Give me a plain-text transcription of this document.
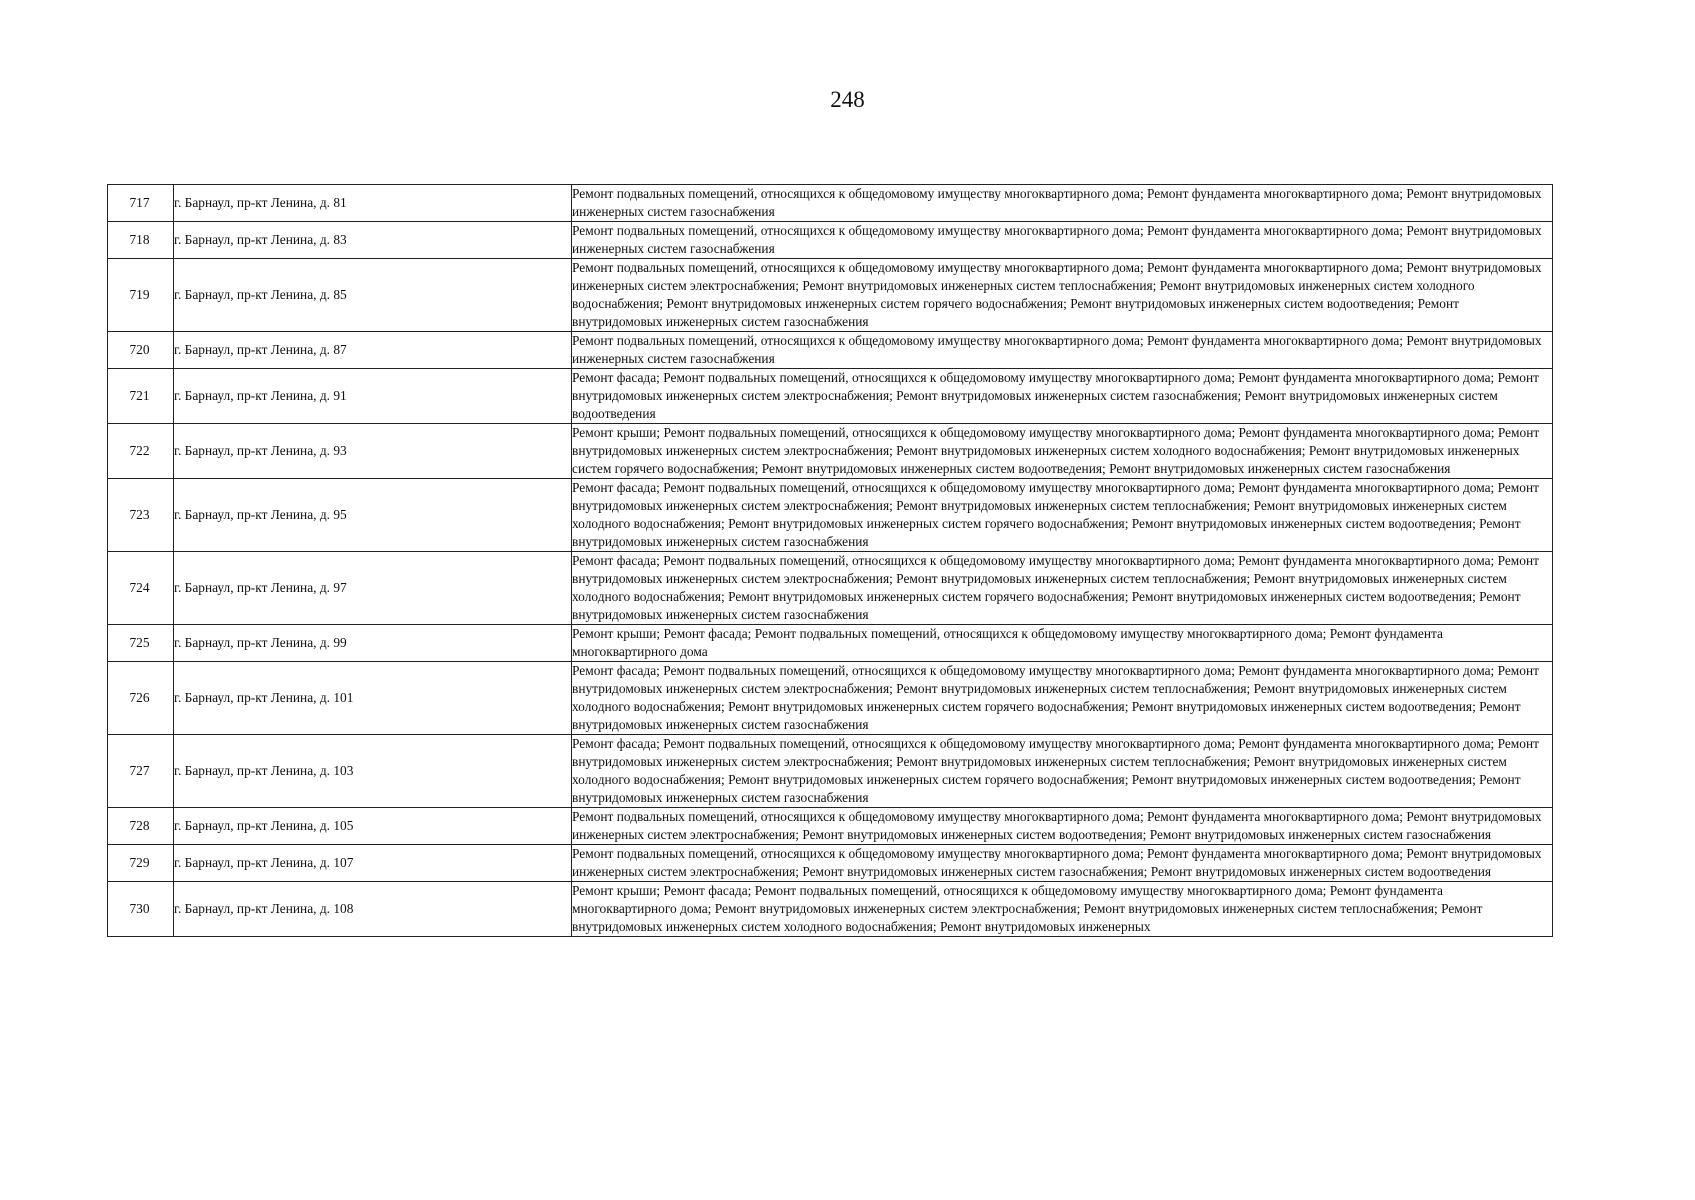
248
717	г. Барнаул, пр-кт Ленина, д. 81	Ремонт подвальных помещений, относящихся к общедомовому имуществу многоквартирного дома; Ремонт фундамента многоквартирного дома; Ремонт внутридомовых инженерных систем газоснабжения
718	г. Барнаул, пр-кт Ленина, д. 83	Ремонт подвальных помещений, относящихся к общедомовому имуществу многоквартирного дома; Ремонт фундамента многоквартирного дома; Ремонт внутридомовых инженерных систем газоснабжения
719	г. Барнаул, пр-кт Ленина, д. 85	Ремонт подвальных помещений, относящихся к общедомовому имуществу многоквартирного дома; Ремонт фундамента многоквартирного дома; Ремонт внутридомовых инженерных систем электроснабжения; Ремонт внутридомовых инженерных систем теплоснабжения; Ремонт внутридомовых инженерных систем холодного водоснабжения; Ремонт внутридомовых инженерных систем горячего водоснабжения; Ремонт внутридомовых инженерных систем водоотведения; Ремонт внутридомовых инженерных систем газоснабжения
720	г. Барнаул, пр-кт Ленина, д. 87	Ремонт подвальных помещений, относящихся к общедомовому имуществу многоквартирного дома; Ремонт фундамента многоквартирного дома; Ремонт внутридомовых инженерных систем газоснабжения
721	г. Барнаул, пр-кт Ленина, д. 91	Ремонт фасада; Ремонт подвальных помещений, относящихся к общедомовому имуществу многоквартирного дома; Ремонт фундамента многоквартирного дома; Ремонт внутридомовых инженерных систем электроснабжения; Ремонт внутридомовых инженерных систем газоснабжения; Ремонт внутридомовых инженерных систем водоотведения
722	г. Барнаул, пр-кт Ленина, д. 93	Ремонт крыши; Ремонт подвальных помещений, относящихся к общедомовому имуществу многоквартирного дома; Ремонт фундамента многоквартирного дома; Ремонт внутридомовых инженерных систем электроснабжения; Ремонт внутридомовых инженерных систем холодного водоснабжения; Ремонт внутридомовых инженерных систем горячего водоснабжения; Ремонт внутридомовых инженерных систем водоотведения; Ремонт внутридомовых инженерных систем газоснабжения
723	г. Барнаул, пр-кт Ленина, д. 95	Ремонт фасада; Ремонт подвальных помещений, относящихся к общедомовому имуществу многоквартирного дома; Ремонт фундамента многоквартирного дома; Ремонт внутридомовых инженерных систем электроснабжения; Ремонт внутридомовых инженерных систем теплоснабжения; Ремонт внутридомовых инженерных систем холодного водоснабжения; Ремонт внутридомовых инженерных систем горячего водоснабжения; Ремонт внутридомовых инженерных систем водоотведения; Ремонт внутридомовых инженерных систем газоснабжения
724	г. Барнаул, пр-кт Ленина, д. 97	Ремонт фасада; Ремонт подвальных помещений, относящихся к общедомовому имуществу многоквартирного дома; Ремонт фундамента многоквартирного дома; Ремонт внутридомовых инженерных систем электроснабжения; Ремонт внутридомовых инженерных систем теплоснабжения; Ремонт внутридомовых инженерных систем холодного водоснабжения; Ремонт внутридомовых инженерных систем горячего водоснабжения; Ремонт внутридомовых инженерных систем водоотведения; Ремонт внутридомовых инженерных систем газоснабжения
725	г. Барнаул, пр-кт Ленина, д. 99	Ремонт крыши; Ремонт фасада; Ремонт подвальных помещений, относящихся к общедомовому имуществу многоквартирного дома; Ремонт фундамента многоквартирного дома
726	г. Барнаул, пр-кт Ленина, д. 101	Ремонт фасада; Ремонт подвальных помещений, относящихся к общедомовому имуществу многоквартирного дома; Ремонт фундамента многоквартирного дома; Ремонт внутридомовых инженерных систем электроснабжения; Ремонт внутридомовых инженерных систем теплоснабжения; Ремонт внутридомовых инженерных систем холодного водоснабжения; Ремонт внутридомовых инженерных систем горячего водоснабжения; Ремонт внутридомовых инженерных систем водоотведения; Ремонт внутридомовых инженерных систем газоснабжения
727	г. Барнаул, пр-кт Ленина, д. 103	Ремонт фасада; Ремонт подвальных помещений, относящихся к общедомовому имуществу многоквартирного дома; Ремонт фундамента многоквартирного дома; Ремонт внутридомовых инженерных систем электроснабжения; Ремонт внутридомовых инженерных систем теплоснабжения; Ремонт внутридомовых инженерных систем холодного водоснабжения; Ремонт внутридомовых инженерных систем горячего водоснабжения; Ремонт внутридомовых инженерных систем водоотведения; Ремонт внутридомовых инженерных систем газоснабжения
728	г. Барнаул, пр-кт Ленина, д. 105	Ремонт подвальных помещений, относящихся к общедомовому имуществу многоквартирного дома; Ремонт фундамента многоквартирного дома; Ремонт внутридомовых инженерных систем электроснабжения; Ремонт внутридомовых инженерных систем водоотведения; Ремонт внутридомовых инженерных систем газоснабжения
729	г. Барнаул, пр-кт Ленина, д. 107	Ремонт подвальных помещений, относящихся к общедомовому имуществу многоквартирного дома; Ремонт фундамента многоквартирного дома; Ремонт внутридомовых инженерных систем электроснабжения; Ремонт внутридомовых инженерных систем газоснабжения; Ремонт внутридомовых инженерных систем водоотведения
730	г. Барнаул, пр-кт Ленина, д. 108	Ремонт крыши; Ремонт фасада; Ремонт подвальных помещений, относящихся к общедомовому имуществу многоквартирного дома; Ремонт фундамента многоквартирного дома; Ремонт внутридомовых инженерных систем электроснабжения; Ремонт внутридомовых инженерных систем теплоснабжения; Ремонт внутридомовых инженерных систем холодного водоснабжения; Ремонт внутридомовых инженерных
